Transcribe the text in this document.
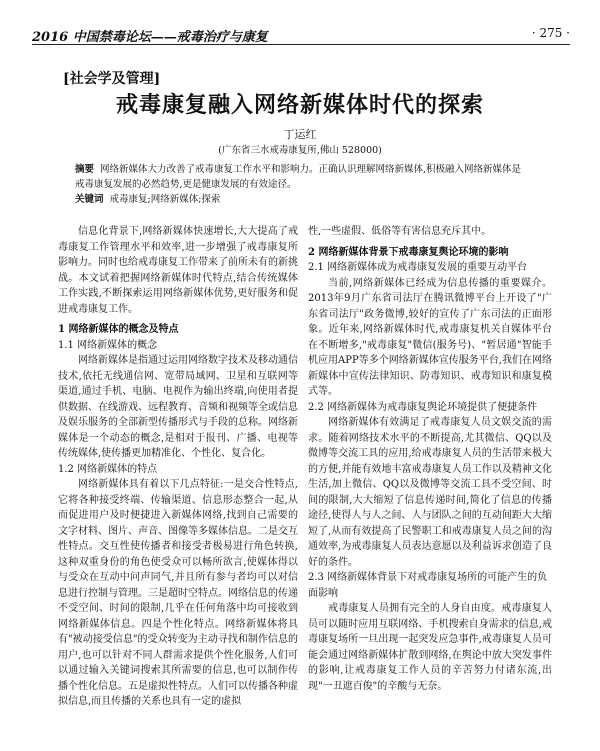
2016 中国禁毒论坛——戒毒治疗与康复	· 275 ·
[社会学及管理]
戒毒康复融入网络新媒体时代的探索
丁运红
(广东省三水戒毒康复所,佛山 528000)
摘要 网络新媒体大力改善了戒毒康复工作水平和影响力。正确认识理解网络新媒体,积极融入网络新媒体是戒毒康复发展的必然趋势,更是健康发展的有效途径。
关键词 戒毒康复;网络新媒体;探索
信息化背景下,网络新媒体快速增长,大大提高了戒毒康复工作管理水平和效率,进一步增强了戒毒康复所影响力。同时也给戒毒康复工作带来了前所未有的新挑战。本文试着把握网络新媒体时代特点,结合传统媒体工作实践,不断探索运用网络新媒体优势,更好服务和促进戒毒康复工作。
1 网络新媒体的概念及特点
1.1 网络新媒体的概念
网络新媒体是指通过运用网络数字技术及移动通信技术,依托无线通信网、宽带局域网、卫星和互联网等渠道,通过手机、电脑、电视作为输出终端,向使用者提供数据、在线游戏、远程教育、音频和视频等全或信息及娱乐服务的全部新型传播形式与手段的总称。网络新媒体是一个动态的概念,是相对于报刊、广播、电视等传统媒体,使传播更加精准化、个性化、复合化。
1.2 网络新媒体的特点
网络新媒体具有着以下几点特征:一是交合性特点,它将各种接受终端、传输渠道、信息形态整合一起,从而促进用户及时便捷进入新媒体网络,找到自己需要的文字材料、图片、声音、图像等多媒体信息。二是交互性特点。交互性使传播者和接受者极易进行角色转换,这种双重身份的角色使受众可以畅所欲言,使媒体得以与受众在互动中问声同气,并且所有参与者均可以对信息进行控制与管理。三是超时空特点。网络信息的传递不受空间、时间的限制,几乎在任何角落中均可接收到网络新媒体信息。四是个性化特点。网络新媒体将具有"被动接受信息"的受众转变为主动寻找和制作信息的用户,也可以针对不同人群需求提供个性化服务,人们可以通过输入关键词搜索其所需要的信息,也可以制作传播个性化信息。五是虚拟性特点。人们可以传播各种虚拟信息,而且传播的关系也具有一定的虚拟
性,一些虚假、低俗等有害信息充斥其中。
2 网络新媒体背景下戒毒康复舆论环境的影响
2.1 网络新媒体成为戒毒康复发展的重要互动平台
当前,网络新媒体已经成为信息传播的重要媒介。2013年9月广东省司法厅在腾讯微博平台上开设了"广东省司法厅"政务微博,较好的宣传了广东司法的正面形象。近年来,网络新媒体时代,戒毒康复机关自媒体平台在不断增多,"戒毒康复"微信(服务号)、"暂居通"智能手机应用APP等多个网络新媒体宣传服务平台,我们在网络新媒体中宣传法律知识、防毒知识、戒毒知识和康复模式等。
2.2 网络新媒体为戒毒康复舆论环境提供了便捷条件
网络新媒体有效满足了戒毒康复人员文娱交流的需求。随着网络技术水平的不断提高,尤其微信、QQ以及微博等交流工具的应用,给戒毒康复人员的生活带来极大的方便,并能有效地丰富戒毒康复人员工作以及精神文化生活,加上微信、QQ以及微博等交流工具不受空间、时间的限制,大大缩短了信息传递时间,简化了信息的传播途径,使得人与人之间、人与团队之间的互动间距大大缩短了,从而有效提高了民警职工和戒毒康复人员之间的沟通效率,为戒毒康复人员表达意愿以及利益诉求创造了良好的条件。
2.3 网络新媒体背景下对戒毒康复场所的可能产生的负面影响
戒毒康复人员拥有完全的人身自由度。戒毒康复人员可以随时应用互联网络、手机搜索自身需求的信息,戒毒康复场所一旦出现一起突发应急事件,戒毒康复人员可能会通过网络新媒体扩散到网络,在舆论中放大突发事件的影响,让戒毒康复工作人员的辛苦努力付诸东流,出现"一丑遮百俊"的辛酸与无奈。
